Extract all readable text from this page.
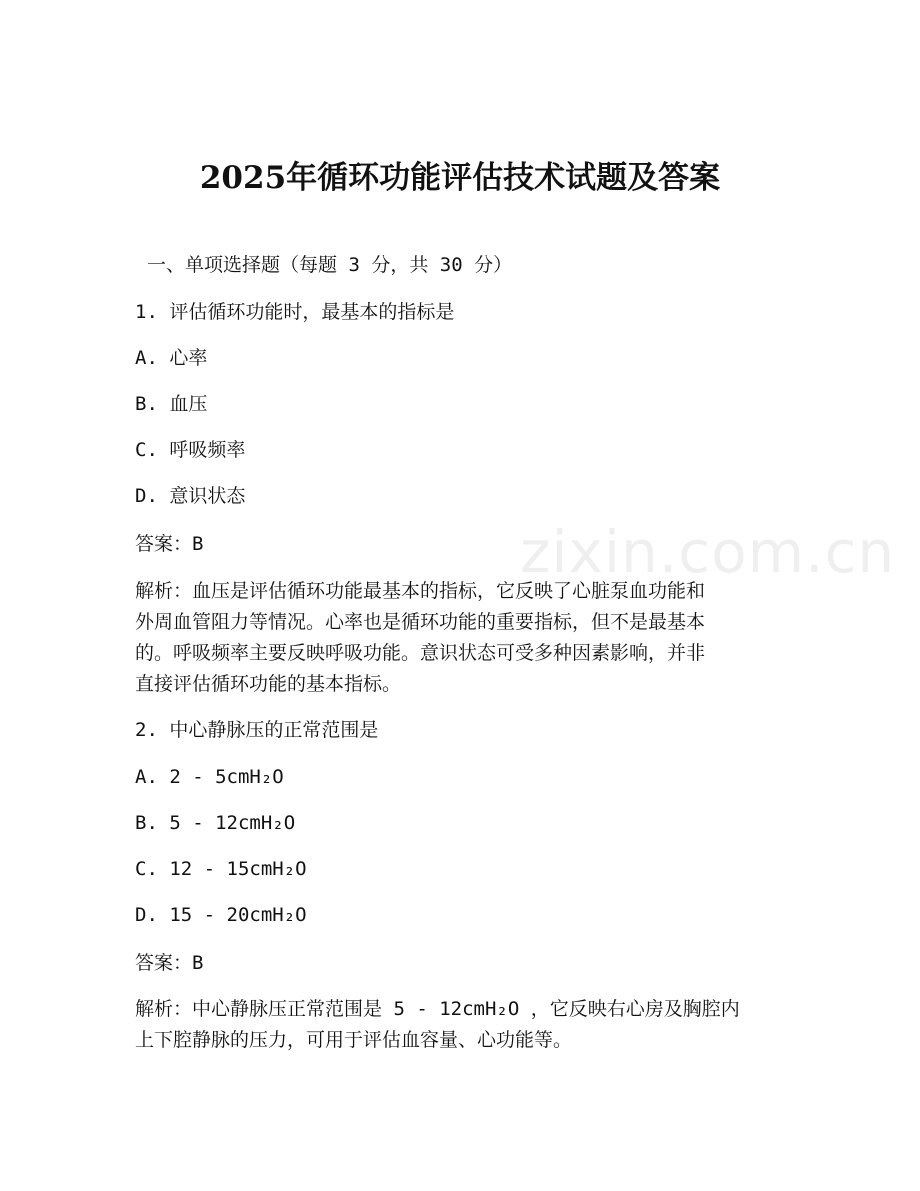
zixin.com.cn
2025年循环功能评估技术试题及答案
一、单项选择题（每题 3 分，共 30 分）
1. 评估循环功能时，最基本的指标是
A. 心率
B. 血压
C. 呼吸频率
D. 意识状态
答案：B
解析：血压是评估循环功能最基本的指标，它反映了心脏泵血功能和
外周血管阻力等情况。心率也是循环功能的重要指标，但不是最基本
的。呼吸频率主要反映呼吸功能。意识状态可受多种因素影响，并非
直接评估循环功能的基本指标。
2. 中心静脉压的正常范围是
A. 2 - 5cmH₂O
B. 5 - 12cmH₂O
C. 12 - 15cmH₂O
D. 15 - 20cmH₂O
答案：B
解析：中心静脉压正常范围是 5 - 12cmH₂O ，它反映右心房及胸腔内
上下腔静脉的压力，可用于评估血容量、心功能等。
